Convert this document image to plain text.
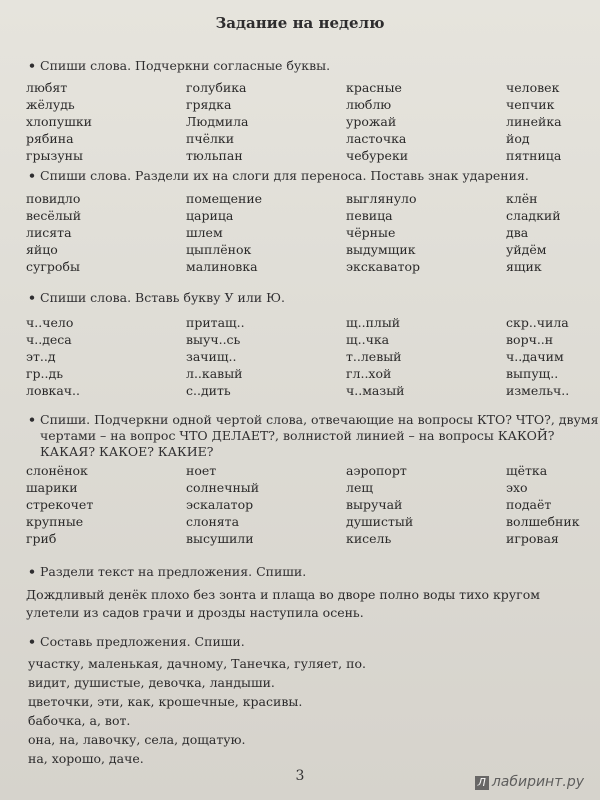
Задание на неделю
• Спиши слова. Подчеркни согласные буквы.
любят
жёлудь
хлопушки
рябина
грызуны
голубика
грядка
Людмила
пчёлки
тюльпан
красные
люблю
урожай
ласточка
чебуреки
человек
чепчик
линейка
йод
пятница
• Спиши слова. Раздели их на слоги для переноса. Поставь знак ударения.
повидло
весёлый
лисята
яйцо
сугробы
помещение
царица
шлем
цыплёнок
малиновка
выглянуло
певица
чёрные
выдумщик
экскаватор
клён
сладкий
два
уйдём
ящик
• Спиши слова. Вставь букву У или Ю.
ч..чело
ч..деса
эт..д
гр..дь
ловкач..
притащ..
выуч..сь
зачищ..
л..кавый
с..дить
щ..плый
щ..чка
т..левый
гл..хой
ч..мазый
скр..чила
ворч..н
ч..дачим
выпущ..
измельч..
• Спиши. Подчеркни одной чертой слова, отвечающие на вопросы КТО? ЧТО?, двумя
чертами – на вопрос ЧТО ДЕЛАЕТ?, волнистой линией – на вопросы КАКОЙ?
КАКАЯ? КАКОЕ? КАКИЕ?
слонёнок
шарики
стрекочет
крупные
гриб
ноет
солнечный
эскалатор
слонята
высушили
аэропорт
лещ
выручай
душистый
кисель
щётка
эхо
подаёт
волшебник
игровая
• Раздели текст на предложения. Спиши.
Дождливый денёк плохо без зонта и плаща во дворе полно воды тихо кругом
улетели из садов грачи и дрозды наступила осень.
• Составь предложения. Спиши.
участку, маленькая, дачному, Танечка, гуляет, по.
видит, душистые, девочка, ландыши.
цветочки, эти, как, крошечные, красивы.
бабочка, а, вот.
она, на, лавочку, села, дощатую.
на, хорошо, даче.
3	Л лабиринт.ру
